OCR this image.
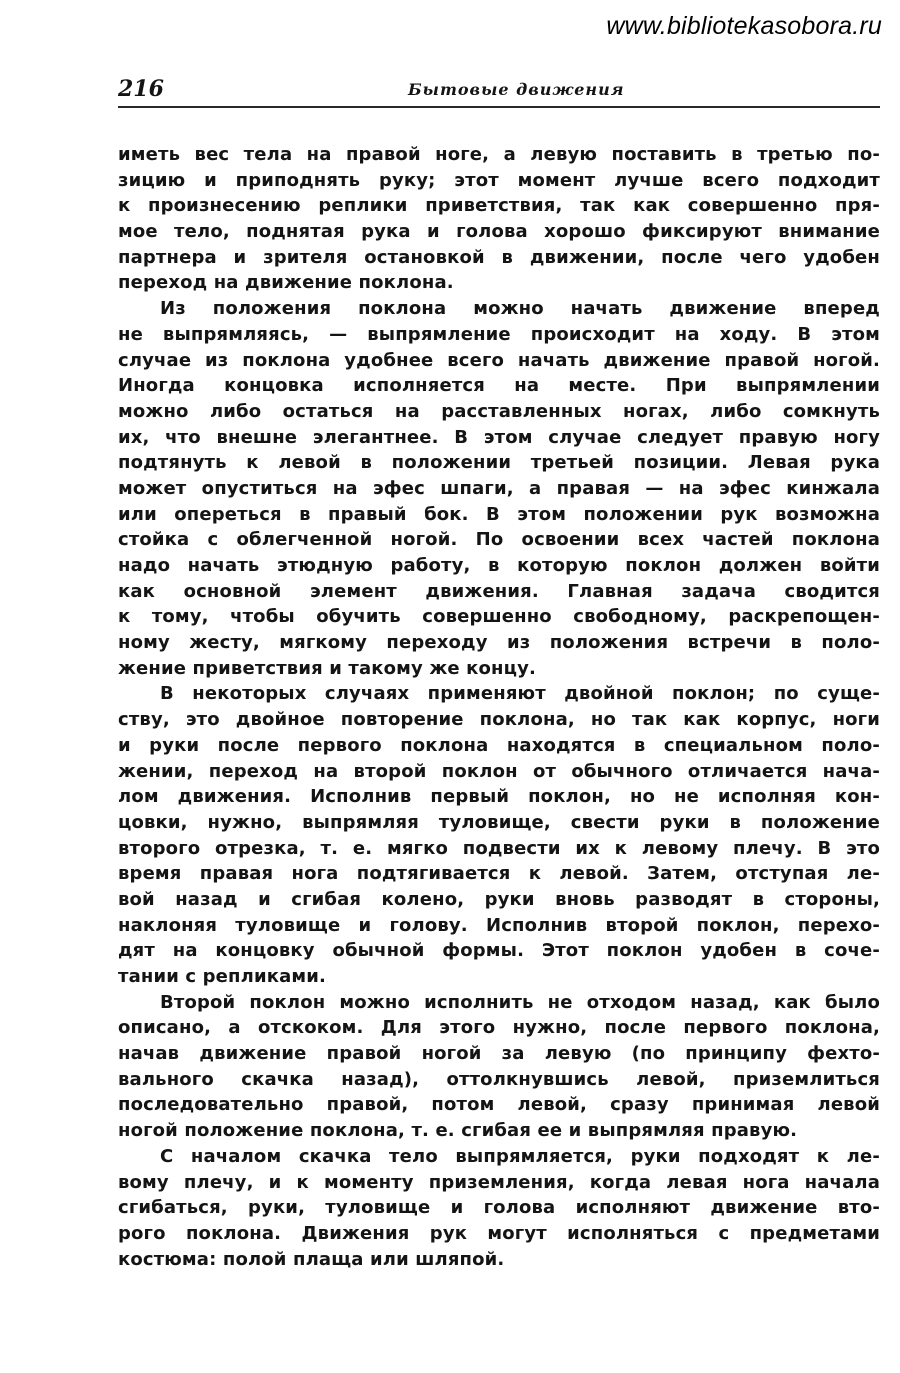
www.bibliotekasobora.ru
216	Бытовые движения
иметь вес тела на правой ноге, а левую поставить в третью по-
зицию и приподнять руку; этот момент лучше всего подходит
к произнесению реплики приветствия, так как совершенно пря-
мое тело, поднятая рука и голова хорошо фиксируют внимание
партнера и зрителя остановкой в движении, после чего удобен
переход на движение поклона.
Из положения поклона можно начать движение вперед
не выпрямляясь, — выпрямление происходит на ходу. В этом
случае из поклона удобнее всего начать движение правой ногой.
Иногда концовка исполняется на месте. При выпрямлении
можно либо остаться на расставленных ногах, либо сомкнуть
их, что внешне элегантнее. В этом случае следует правую ногу
подтянуть к левой в положении третьей позиции. Левая рука
может опуститься на эфес шпаги, а правая — на эфес кинжала
или опереться в правый бок. В этом положении рук возможна
стойка с облегченной ногой. По освоении всех частей поклона
надо начать этюдную работу, в которую поклон должен войти
как основной элемент движения. Главная задача сводится
к тому, чтобы обучить совершенно свободному, раскрепощен-
ному жесту, мягкому переходу из положения встречи в поло-
жение приветствия и такому же концу.
В некоторых случаях применяют двойной поклон; по суще-
ству, это двойное повторение поклона, но так как корпус, ноги
и руки после первого поклона находятся в специальном поло-
жении, переход на второй поклон от обычного отличается нача-
лом движения. Исполнив первый поклон, но не исполняя кон-
цовки, нужно, выпрямляя туловище, свести руки в положение
второго отрезка, т. е. мягко подвести их к левому плечу. В это
время правая нога подтягивается к левой. Затем, отступая ле-
вой назад и сгибая колено, руки вновь разводят в стороны,
наклоняя туловище и голову. Исполнив второй поклон, перехо-
дят на концовку обычной формы. Этот поклон удобен в соче-
тании с репликами.
Второй поклон можно исполнить не отходом назад, как было
описано, а отскоком. Для этого нужно, после первого поклона,
начав движение правой ногой за левую (по принципу фехто-
вального скачка назад), оттолкнувшись левой, приземлиться
последовательно правой, потом левой, сразу принимая левой
ногой положение поклона, т. е. сгибая ее и выпрямляя правую.
С началом скачка тело выпрямляется, руки подходят к ле-
вому плечу, и к моменту приземления, когда левая нога начала
сгибаться, руки, туловище и голова исполняют движение вто-
рого поклона. Движения рук могут исполняться с предметами
костюма: полой плаща или шляпой.
